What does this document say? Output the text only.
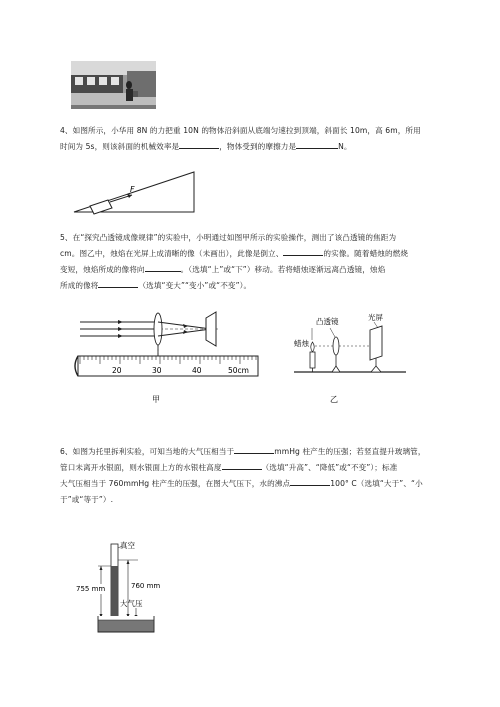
4、如图所示，小华用 8N 的力把重 10N 的物体沿斜面从底端匀速拉到顶端，斜面长 10m，高 6m，所用

时间为 5s，则该斜面的机械效率是	，物体受到的摩擦力是	N。

F

5、在“探究凸透镜成像规律”的实验中，小明通过如图甲所示的实验操作，测出了该凸透镜的焦距为

cm。图乙中，烛焰在光屏上成清晰的像（未画出），此像是倒立、	的实像。随着蜡烛的燃烧

变短，烛焰所成的像将向	。（选填“上”或“下”）移动。若将蜡烛逐渐远离凸透镜，烛焰

所成的像将	（选填“变大”“变小”或“不变”）。

20	30	40	50cm
甲
凸透镜	光屏
蜡烛
乙

6、如图为托里拆利实验，可知当地的大气压相当于	mmHg 柱产生的压强；若竖直提升玻璃管，

管口未离开水银面，则水银面上方的水银柱高度	（选填“升高”、“降低”或“不变”）；标准

大气压相当于 760mmHg 柱产生的压强，在图大气压下，水的沸点	100° C（选填“大于”、“小

于”或“等于”）.

真空
755 mm	760 mm
大气压
